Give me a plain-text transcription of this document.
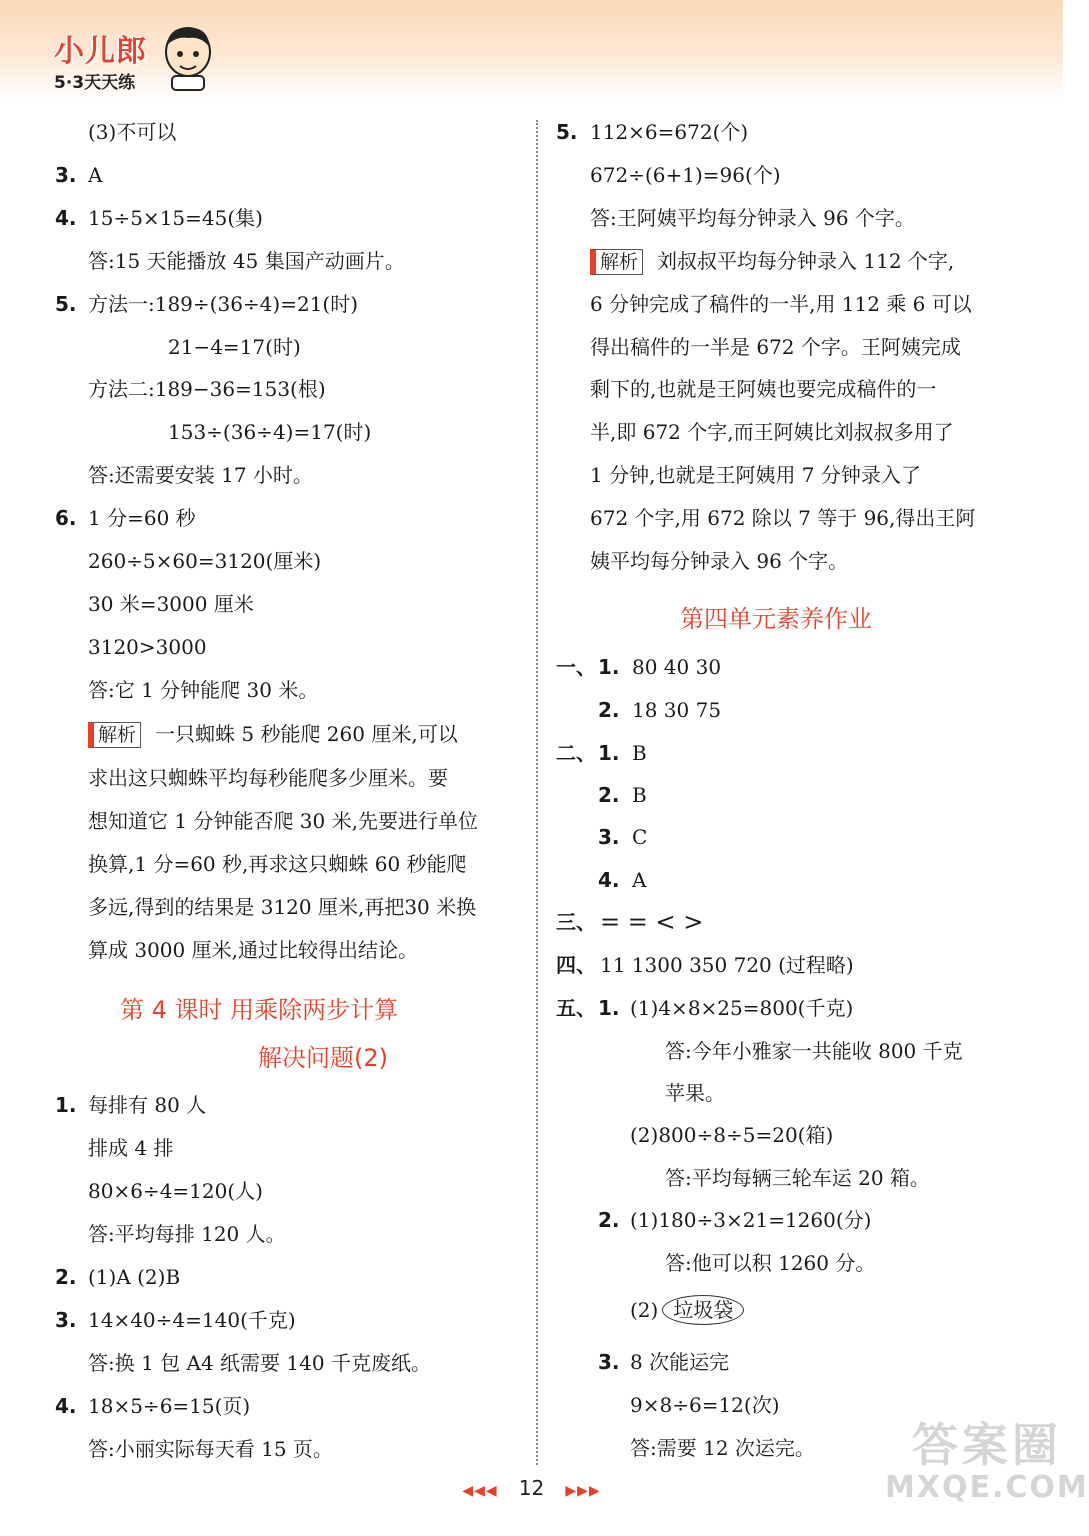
小儿郎
5·3天天练
(3)不可以
3. A
4. 15÷5×15=45(集)
答:15 天能播放 45 集国产动画片。
5. 方法一:189÷(36÷4)=21(时)
21−4=17(时)
方法二:189−36=153(根)
153÷(36÷4)=17(时)
答:还需要安装 17 小时。
6. 1 分=60 秒
260÷5×60=3120(厘米)
30 米=3000 厘米
3120>3000
答:它 1 分钟能爬 30 米。
解析 一只蜘蛛 5 秒能爬 260 厘米,可以
求出这只蜘蛛平均每秒能爬多少厘米。要
想知道它 1 分钟能否爬 30 米,先要进行单位
换算,1 分=60 秒,再求这只蜘蛛 60 秒能爬
多远,得到的结果是 3120 厘米,再把30 米换
算成 3000 厘米,通过比较得出结论。
第 4 课时 用乘除两步计算
解决问题(2)
1. 每排有 80 人
排成 4 排
80×6÷4=120(人)
答:平均每排 120 人。
2. (1)A (2)B
3. 14×40÷4=140(千克)
答:换 1 包 A4 纸需要 140 千克废纸。
4. 18×5÷6=15(页)
答:小丽实际每天看 15 页。
5. 112×6=672(个)
672÷(6+1)=96(个)
答:王阿姨平均每分钟录入 96 个字。
解析 刘叔叔平均每分钟录入 112 个字,
6 分钟完成了稿件的一半,用 112 乘 6 可以
得出稿件的一半是 672 个字。王阿姨完成
剩下的,也就是王阿姨也要完成稿件的一
半,即 672 个字,而王阿姨比刘叔叔多用了
1 分钟,也就是王阿姨用 7 分钟录入了
672 个字,用 672 除以 7 等于 96,得出王阿
姨平均每分钟录入 96 个字。
第四单元素养作业
一、 1. 80 40 30
2. 18 30 75
二、 1. B
2. B
3. C
4. A
三、 = = < >
四、 11 1300 350 720 (过程略)
五、 1. (1)4×8×25=800(千克)
答:今年小雅家一共能收 800 千克
苹果。
(2)800÷8÷5=20(箱)
答:平均每辆三轮车运 20 箱。
2. (1)180÷3×21=1260(分)
答:他可以积 1260 分。
(2) 垃圾袋
3. 8 次能运完
9×8÷6=12(次)
答:需要 12 次运完。
◀◀◀ 12 ▶▶▶
答案圈
MXQE.COM
